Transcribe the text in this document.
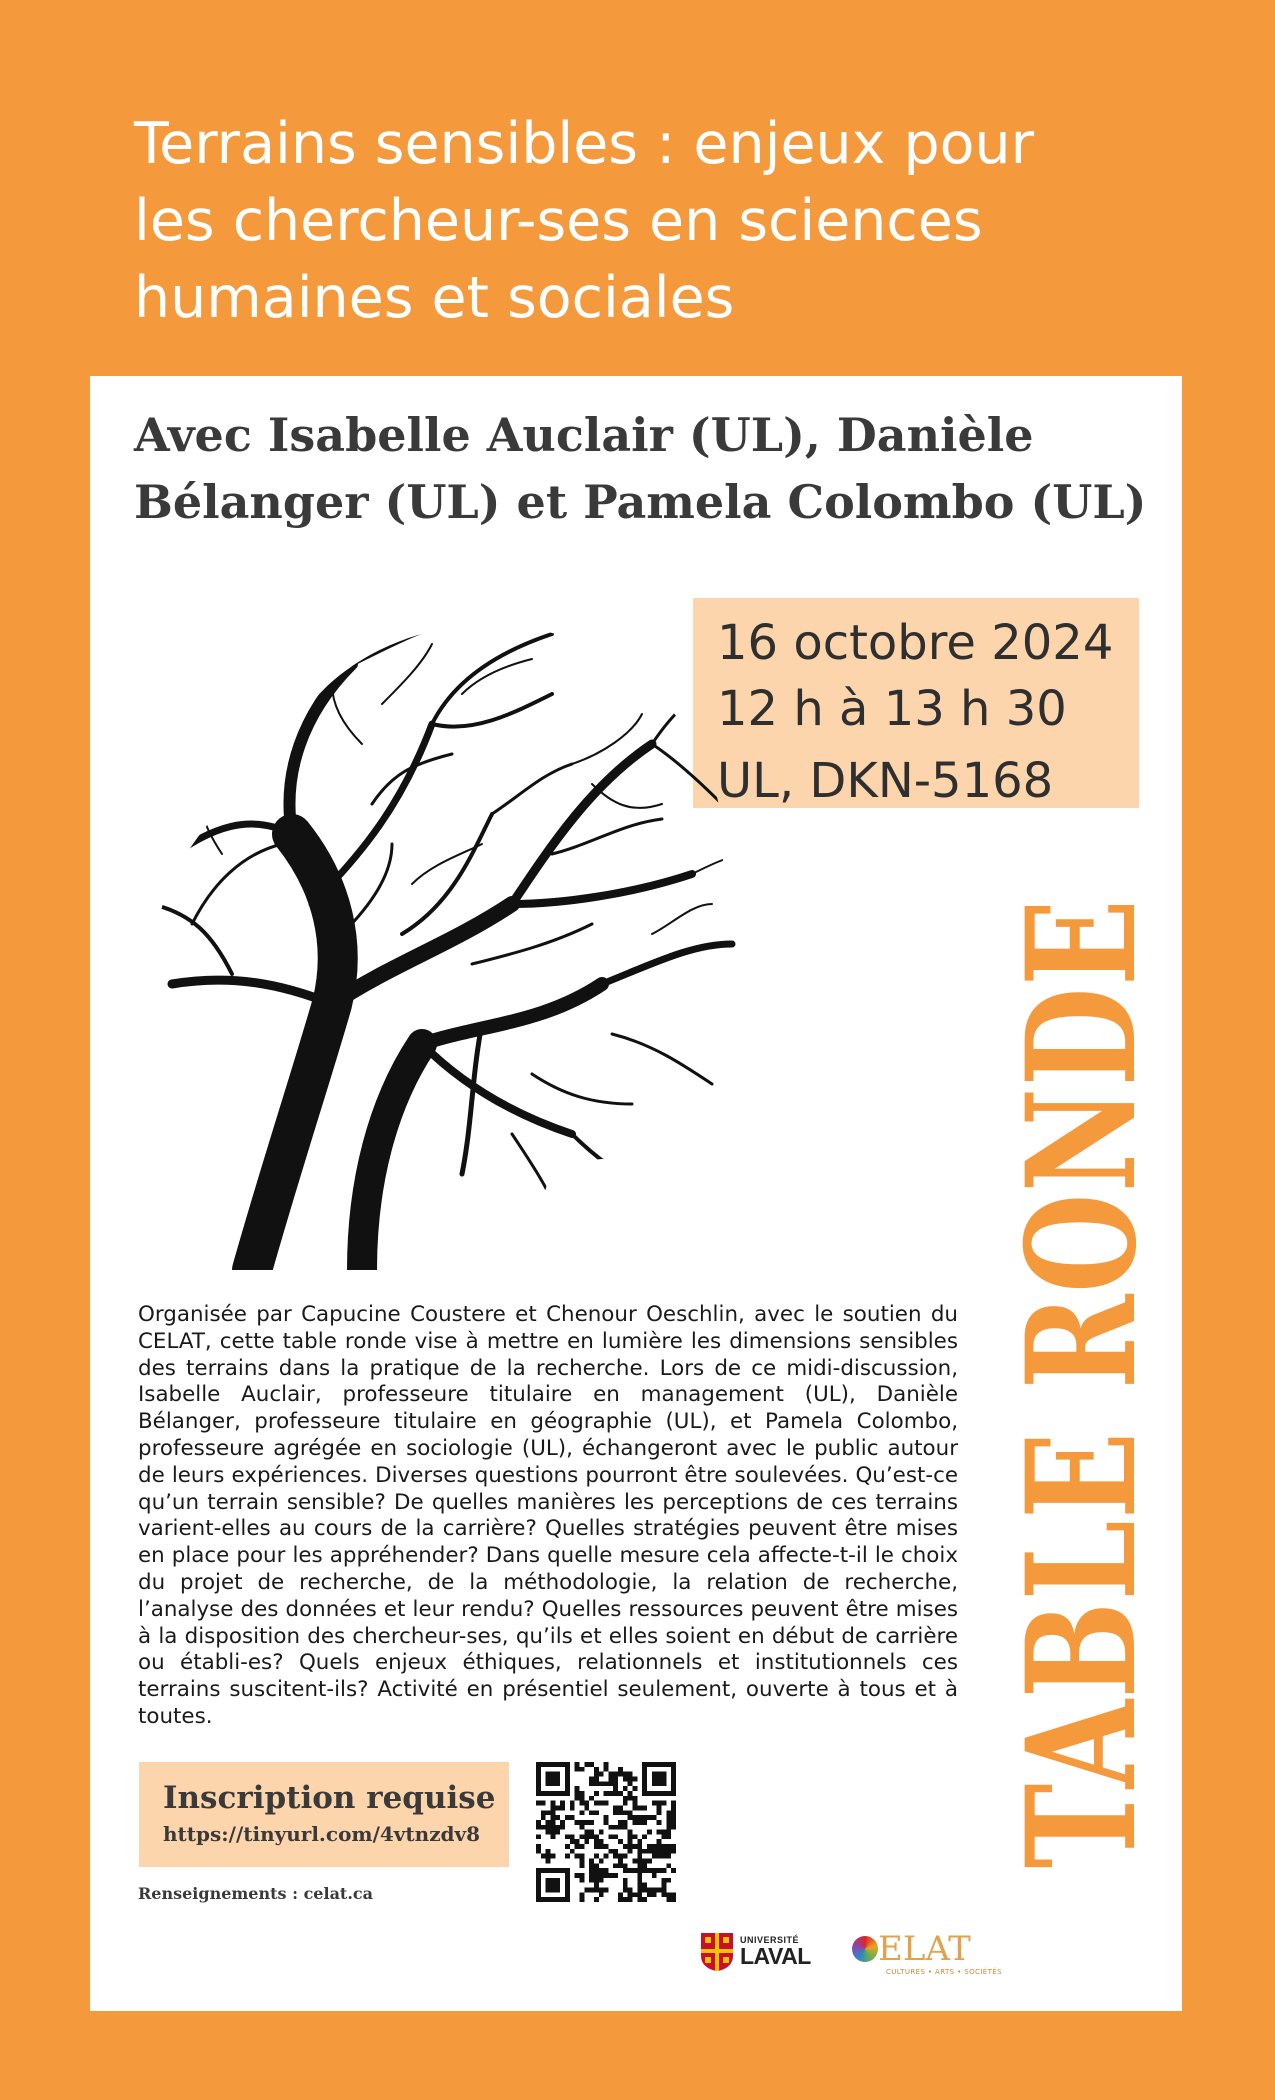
Terrains sensibles : enjeux pour
les chercheur-ses en sciences
humaines et sociales
Avec Isabelle Auclair (UL), Danièle
Bélanger (UL) et Pamela Colombo (UL)
16 octobre 2024
12 h à 13 h 30
UL, DKN-5168
TABLE RONDE

Organisée par Capucine Coustere et Chenour Oeschlin, avec le soutien du CELAT, cette table ronde vise à mettre en lumière les dimensions sensibles des terrains dans la pratique de la recherche. Lors de ce midi-discussion, Isabelle Auclair, professeure titulaire en management (UL), Danièle Bélanger, professeure titulaire en géographie (UL), et Pamela Colombo, professeure agrégée en sociologie (UL), échangeront avec le public autour de leurs expériences. Diverses questions pourront être soulevées. Qu’est-ce qu’un terrain sensible? De quelles manières les perceptions de ces terrains varient-elles au cours de la carrière? Quelles stratégies peuvent être mises en place pour les appréhender? Dans quelle mesure cela affecte-t-il le choix du projet de recherche, de la méthodologie, la relation de recherche, l’analyse des données et leur rendu? Quelles ressources peuvent être mises à la disposition des chercheur-ses, qu’ils et elles soient en début de carrière ou établi-es? Quels enjeux éthiques, relationnels et institutionnels ces terrains suscitent-ils? Activité en présentiel seulement, ouverte à tous et à toutes.

Inscription requise
https://tinyurl.com/4vtnzdv8
Renseignements : celat.ca
UNIVERSITÉ
LAVAL	ELAT
CULTURES • ARTS • SOCIÉTÉS
